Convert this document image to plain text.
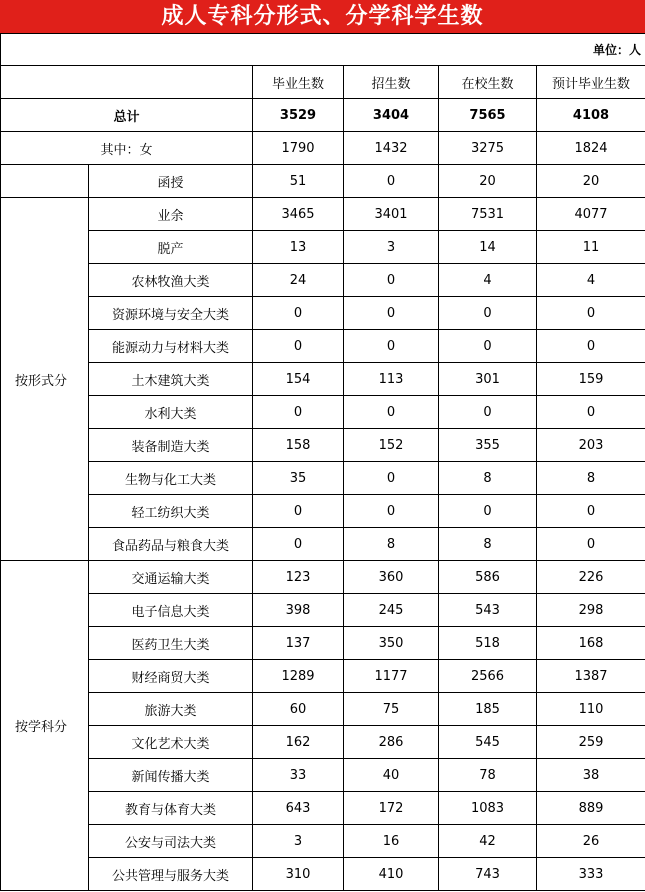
成人专科分形式、分学科学生数
单位：人					
		毕业生数	招生数	在校生数	预计毕业生数
总计		3529	3404	7565	4108
其中：女		1790	1432	3275	1824
	函授	51	0	20	20
按形式分	业余	3465	3401	7531	4077
	脱产	13	3	14	11
	农林牧渔大类	24	0	4	4
	资源环境与安全大类	0	0	0	0
	能源动力与材料大类	0	0	0	0
	土木建筑大类	154	113	301	159
	水利大类	0	0	0	0
	装备制造大类	158	152	355	203
	生物与化工大类	35	0	8	8
	轻工纺织大类	0	0	0	0
	食品药品与粮食大类	0	8	8	0
按学科分	交通运输大类	123	360	586	226
	电子信息大类	398	245	543	298
	医药卫生大类	137	350	518	168
	财经商贸大类	1289	1177	2566	1387
	旅游大类	60	75	185	110
	文化艺术大类	162	286	545	259
	新闻传播大类	33	40	78	38
	教育与体育大类	643	172	1083	889
	公安与司法大类	3	16	42	26
	公共管理与服务大类	310	410	743	333
